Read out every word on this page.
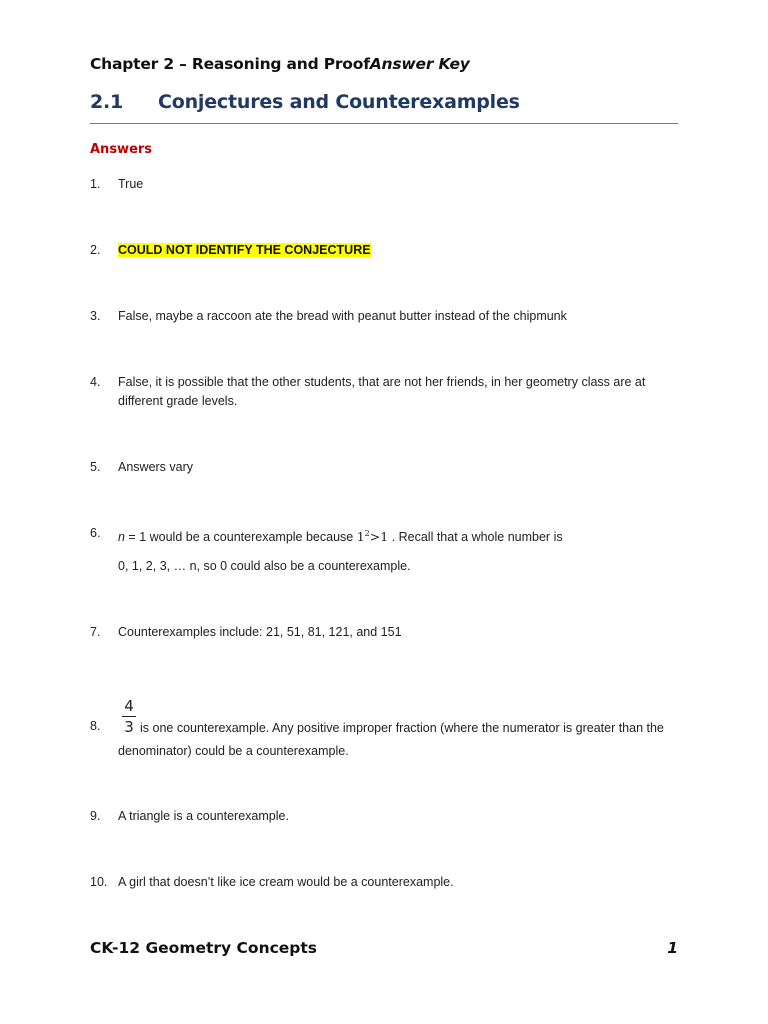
Chapter 2 – Reasoning and ProofAnswer Key
2.1 Conjectures and Counterexamples
Answers
1. True
2. COULD NOT IDENTIFY THE CONJECTURE
3. False, maybe a raccoon ate the bread with peanut butter instead of the chipmunk
4. False, it is possible that the other students, that are not her friends, in her geometry class are at different grade levels.
5. Answers vary
6. n = 1 would be a counterexample because $1^2>1$ . Recall that a whole number is
0, 1, 2, 3, … n, so 0 could also be a counterexample.
7. Counterexamples include: 21, 51, 81, 121, and 151
4
3
8.	is one counterexample. Any positive improper fraction (where the numerator is greater than the denominator) could be a counterexample.
9. A triangle is a counterexample.
10. A girl that doesn’t like ice cream would be a counterexample.
CK-12 Geometry Concepts	1
